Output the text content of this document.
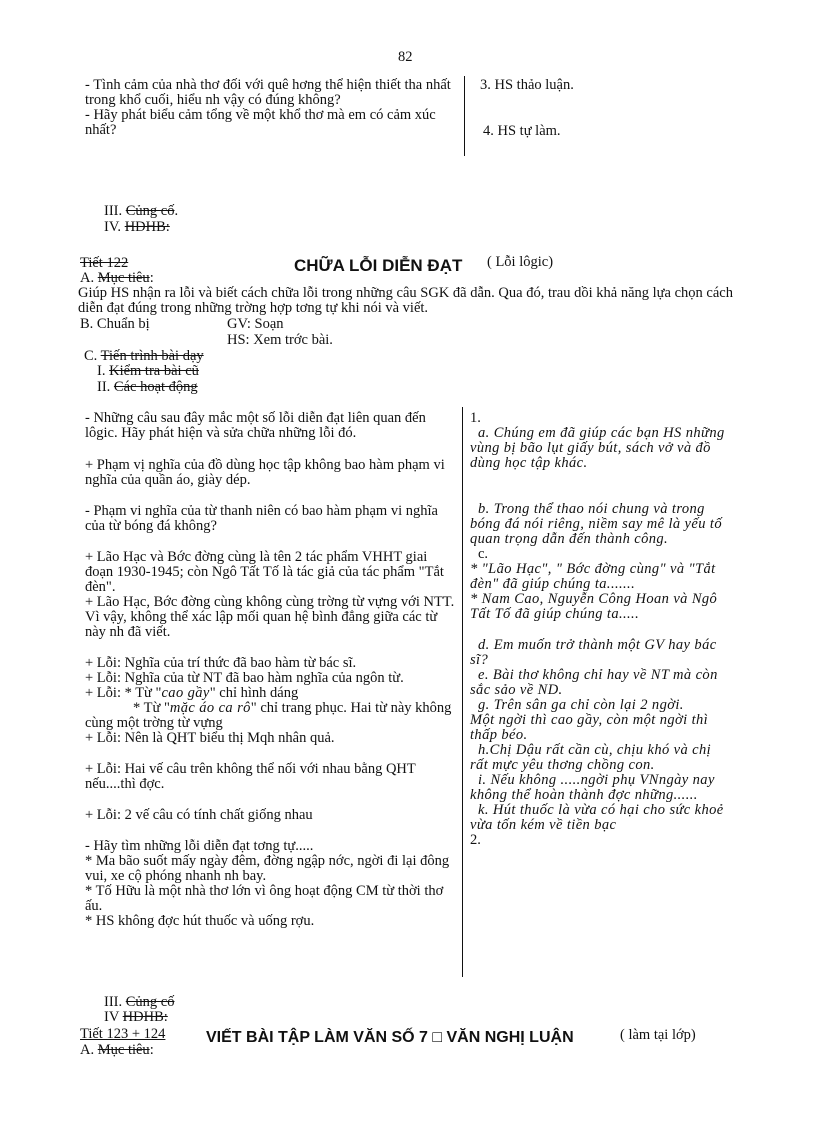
82

- Tình cảm của nhà thơ đối với quê hơng thể hiện thiết tha nhất trong khổ cuối, hiểu nh vậy có đúng không?

- Hãy phát biểu cảm tổng về một khổ thơ mà em có cảm xúc nhất?

3. HS thảo luận.
4. HS tự làm.
III. Củng cố.
IV. HDHB:
Tiết 122	CHỮA LỖI DIỄN ĐẠT ( Lỗi lôgic)
A. Mục tiêu:
Giúp HS nhận ra lỗi và biết cách chữa lỗi trong những câu SGK đã dẫn. Qua đó, trau dồi khả năng lựa chọn cách diễn đạt đúng trong những trờng hợp tơng tự khi nói và viết.
B. Chuẩn bị	GV: Soạn
HS: Xem trớc bài.
C. Tiến trình bài dạy
I. Kiểm tra bài cũ
II. Các hoạt động

- Những câu sau đây mắc một số lỗi diễn đạt liên quan đến lôgic. Hãy phát hiện và sửa chữa những lỗi đó.

+ Phạm vị nghĩa của đồ dùng học tập không bao hàm phạm vi nghĩa của quần áo, giày dép.

- Phạm vi nghĩa của từ thanh niên có bao hàm phạm vi nghĩa của từ bóng đá không?

+ Lão Hạc và Bớc đờng cùng là tên 2 tác phẩm VHHT giai đoạn 1930-1945; còn Ngô Tất Tố là tác giả của tác phẩm "Tắt đèn".

+ Lão Hạc, Bớc đờng cùng không cùng trờng từ vựng với NTT. Vì vậy, không thể xác lập mối quan hệ bình đẳng giữa các từ này nh đã viết.

+ Lỗi: Nghĩa của trí thức đã bao hàm từ bác sĩ.

+ Lỗi: Nghĩa của từ NT đã bao hàm nghĩa của ngôn từ.

+ Lỗi: * Từ "cao gầy" chỉ hình dáng

* Từ "mặc áo ca rô" chỉ trang phục. Hai từ này không cùng một trờng từ vựng

+ Lỗi: Nên là QHT biểu thị Mqh nhân quả.

+ Lỗi: Hai vế câu trên không thể nối với nhau bằng QHT nếu....thì đợc.

+ Lỗi: 2 vế câu có tính chất giống nhau

- Hãy tìm những lỗi diễn đạt tơng tự.....

* Ma bão suốt mấy ngày đêm, đờng ngập nớc, ngời đi lại đông vui, xe cộ phóng nhanh nh bay.

* Tố Hữu là một nhà thơ lớn vì ông hoạt động CM từ thời thơ ấu.

* HS không đợc hút thuốc và uống rợu.

1.

a. Chúng em đã giúp các bạn HS những vùng bị bão lụt giấy bút, sách vở và đồ dùng học tập khác.

b. Trong thể thao nói chung và trong bóng đá nói riêng, niềm say mê là yếu tố quan trọng dẫn đến thành công.

c.

* "Lão Hạc", " Bớc đờng cùng" và "Tắt đèn" đã giúp chúng ta.......

* Nam Cao, Nguyễn Công Hoan và Ngô Tất Tố đã giúp chúng ta.....

d. Em muốn trở thành một GV hay bác sĩ?

e. Bài thơ không chỉ hay về NT mà còn sắc sảo về ND.

g. Trên sân ga chỉ còn lại 2 ngời.

Một ngời thì cao gầy, còn một ngời thì thấp béo.

h.Chị Dậu rất cần cù, chịu khó và chị rất mực yêu thơng chồng con.

i. Nếu không .....ngời phụ VNngày nay không thể hoàn thành đợc những......

k. Hút thuốc là vừa có hại cho sức khoẻ vừa tốn kém về tiền bạc

2.

III. Củng cố
IV HDHB:
Tiết 123 + 124	VIẾT BÀI TẬP LÀM VĂN SỐ 7 □ VĂN NGHỊ LUẬN	( làm tại lớp)
A. Mục tiêu:
